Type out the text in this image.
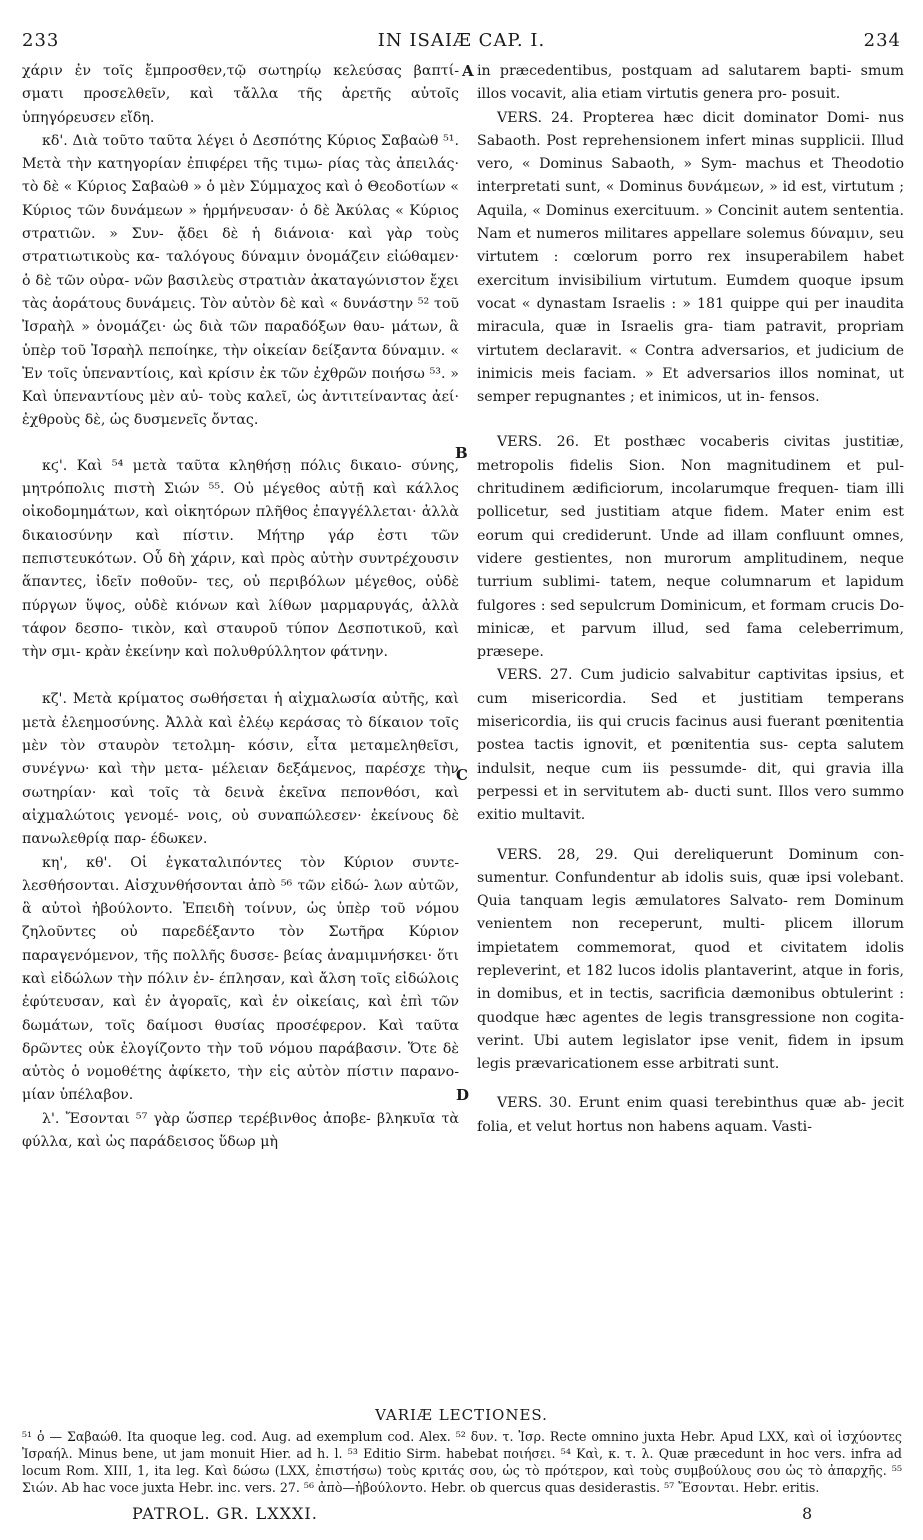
233	IN ISAIÆ CAP. I.	234

χάριν ἐν τοῖς ἔμπροσθεν,τῷ σωτηρίῳ κελεύσας βαπτί- σματι προσελθεῖν, καὶ τἄλλα τῆς ἀρετῆς αὐτοῖς ὑπηγόρευσεν εἴδη.

κδ'. Διὰ τοῦτο ταῦτα λέγει ὁ Δεσπότης Κύριος Σαβαὼθ ⁵¹. Μετὰ τὴν κατηγορίαν ἐπιφέρει τῆς τιμω- ρίας τὰς ἀπειλάς· τὸ δὲ « Κύριος Σαβαὼθ » ὁ μὲν Σύμμαχος καὶ ὁ Θεοδοτίων « Κύριος τῶν δυνάμεων » ἡρμήνευσαν· ὁ δὲ Ἀκύλας « Κύριος στρατιῶν. » Συν- ᾄδει δὲ ἡ διάνοια· καὶ γὰρ τοὺς στρατιωτικοὺς κα- ταλόγους δύναμιν ὀνομάζειν εἰώθαμεν· ὁ δὲ τῶν οὐρα- νῶν βασιλεὺς στρατιὰν ἀκαταγώνιστον ἔχει τὰς ἀοράτους δυνάμεις. Τὸν αὐτὸν δὲ καὶ « δυνάστην ⁵² τοῦ Ἰσραὴλ » ὀνομάζει· ὡς διὰ τῶν παραδόξων θαυ- μάτων, ἃ ὑπὲρ τοῦ Ἰσραὴλ πεποίηκε, τὴν οἰκείαν δείξαντα δύναμιν. « Ἐν τοῖς ὑπεναντίοις, καὶ κρίσιν ἐκ τῶν ἐχθρῶν ποιήσω ⁵³. » Καὶ ὑπεναντίους μὲν αὐ- τοὺς καλεῖ, ὡς ἀντιτείναντας ἀεί· ἐχθροὺς δὲ, ὡς δυσμενεῖς ὄντας.

κϛ'. Καὶ ⁵⁴ μετὰ ταῦτα κληθήσῃ πόλις δικαιο- σύνης, μητρόπολις πιστὴ Σιών ⁵⁵. Οὐ μέγεθος αὐτῇ καὶ κάλλος οἰκοδομημάτων, καὶ οἰκητόρων πλῆθος ἐπαγγέλλεται· ἀλλὰ δικαιοσύνην καὶ πίστιν. Μήτηρ γάρ ἐστι τῶν πεπιστευκότων. Οὗ δὴ χάριν, καὶ πρὸς αὐτὴν συντρέχουσιν ἅπαντες, ἰδεῖν ποθοῦν- τες, οὐ περιβόλων μέγεθος, οὐδὲ πύργων ὕψος, οὐδὲ κιόνων καὶ λίθων μαρμαρυγάς, ἀλλὰ τάφον δεσπο- τικὸν, καὶ σταυροῦ τύπον Δεσποτικοῦ, καὶ τὴν σμι- κρὰν ἐκείνην καὶ πολυθρύλλητον φάτνην.

κζ'. Μετὰ κρίματος σωθήσεται ἡ αἰχμαλωσία αὐτῆς, καὶ μετὰ ἐλεημοσύνης. Ἀλλὰ καὶ ἐλέῳ κεράσας τὸ δίκαιον τοῖς μὲν τὸν σταυρὸν τετολμη- κόσιν, εἶτα μεταμεληθεῖσι, συνέγνω· καὶ τὴν μετα- μέλειαν δεξάμενος, παρέσχε τὴν σωτηρίαν· καὶ τοῖς τὰ δεινὰ ἐκεῖνα πεπονθόσι, καὶ αἰχμαλώτοις γενομέ- νοις, οὐ συναπώλεσεν· ἐκείνους δὲ πανωλεθρίᾳ παρ- έδωκεν.

κη', κθ'. Οἱ ἐγκαταλιπόντες τὸν Κύριον συντε- λεσθήσονται. Αἰσχυνθήσονται ἀπὸ ⁵⁶ τῶν εἰδώ- λων αὐτῶν, ἃ αὐτοὶ ἠβούλοντο. Ἐπειδὴ τοίνυν, ὡς ὑπὲρ τοῦ νόμου ζηλοῦντες οὐ παρεδέξαντο τὸν Σωτῆρα Κύριον παραγενόμενον, τῆς πολλῆς δυσσε- βείας ἀναμιμνήσκει· ὅτι καὶ εἰδώλων τὴν πόλιν ἐν- έπλησαν, καὶ ἄλση τοῖς εἰδώλοις ἐφύτευσαν, καὶ ἐν ἀγοραῖς, καὶ ἐν οἰκείαις, καὶ ἐπὶ τῶν δωμάτων, τοῖς δαίμοσι θυσίας προσέφερον. Καὶ ταῦτα δρῶντες οὐκ ἐλογίζοντο τὴν τοῦ νόμου παράβασιν. Ὅτε δὲ αὐτὸς ὁ νομοθέτης ἀφίκετο, τὴν εἰς αὐτὸν πίστιν παρανο- μίαν ὑπέλαβον.

λ'. Ἔσονται ⁵⁷ γὰρ ὥσπερ τερέβινθος ἀποβε- βληκυῖα τὰ φύλλα, καὶ ὡς παράδεισος ὕδωρ μὴ

in præcedentibus, postquam ad salutarem bapti- smum illos vocavit, alia etiam virtutis genera pro- posuit.

VERS. 24. Propterea hæc dicit dominator Domi- nus Sabaoth. Post reprehensionem infert minas supplicii. Illud vero, « Dominus Sabaoth, » Sym- machus et Theodotio interpretati sunt, « Dominus δυνάμεων, » id est, virtutum ; Aquila, « Dominus exercituum. » Concinit autem sententia. Nam et numeros militares appellare solemus δύναμιν, seu virtutem : cœlorum porro rex insuperabilem habet exercitum invisibilium virtutum. Eumdem quoque ipsum vocat « dynastam Israelis : » 181 quippe qui per inaudita miracula, quæ in Israelis gra- tiam patravit, propriam virtutem declaravit. « Contra adversarios, et judicium de inimicis meis faciam. » Et adversarios illos nominat, ut semper repugnantes ; et inimicos, ut in- fensos.

VERS. 26. Et posthæc vocaberis civitas justitiæ, metropolis fidelis Sion. Non magnitudinem et pul- chritudinem ædificiorum, incolarumque frequen- tiam illi pollicetur, sed justitiam atque fidem. Mater enim est eorum qui crediderunt. Unde ad illam confluunt omnes, videre gestientes, non murorum amplitudinem, neque turrium sublimi- tatem, neque columnarum et lapidum fulgores : sed sepulcrum Dominicum, et formam crucis Do- minicæ, et parvum illud, sed fama celeberrimum, præsepe.

VERS. 27. Cum judicio salvabitur captivitas ipsius, et cum misericordia. Sed et justitiam temperans misericordia, iis qui crucis facinus ausi fuerant pœnitentia postea tactis ignovit, et pœnitentia sus- cepta salutem indulsit, neque cum iis pessumde- dit, qui gravia illa perpessi et in servitutem ab- ducti sunt. Illos vero summo exitio multavit.

VERS. 28, 29. Qui dereliquerunt Dominum con- sumentur. Confundentur ab idolis suis, quæ ipsi volebant. Quia tanquam legis æmulatores Salvato- rem Dominum venientem non receperunt, multi- plicem illorum impietatem commemorat, quod et civitatem idolis repleverint, et 182 lucos idolis plantaverint, atque in foris, in domibus, et in tectis, sacrificia dæmonibus obtulerint : quodque hæc agentes de legis transgressione non cogita- verint. Ubi autem legislator ipse venit, fidem in ipsum legis prævaricationem esse arbitrati sunt.

VERS. 30. Erunt enim quasi terebinthus quæ ab- jecit folia, et velut hortus non habens aquam. Vasti-

A
B
C
D
VARIÆ LECTIONES.

⁵¹ ὁ — Σαβαώθ. Ita quoque leg. cod. Aug. ad exemplum cod. Alex. ⁵² δυν. τ. Ἰσρ. Recte omnino juxta Hebr. Apud LXX, καὶ οἱ ἰσχύοντες Ἰσραήλ. Minus bene, ut jam monuit Hier. ad h. l. ⁵³ Editio Sirm. habebat ποιήσει. ⁵⁴ Καὶ, κ. τ. λ. Quæ præcedunt in hoc vers. infra ad locum Rom. XIII, 1, ita leg. Καὶ δώσω (LXX, ἐπιστήσω) τοὺς κριτάς σου, ὡς τὸ πρότερον, καὶ τοὺς συμβούλους σου ὡς τὸ ἀπαρχῆς. ⁵⁵ Σιών. Ab hac voce juxta Hebr. inc. vers. 27. ⁵⁶ ἀπὸ—ἠβούλοντο. Hebr. ob quercus quas desiderastis. ⁵⁷ Ἔσονται. Hebr. eritis.

PATROL. GR. LXXXI.	8
